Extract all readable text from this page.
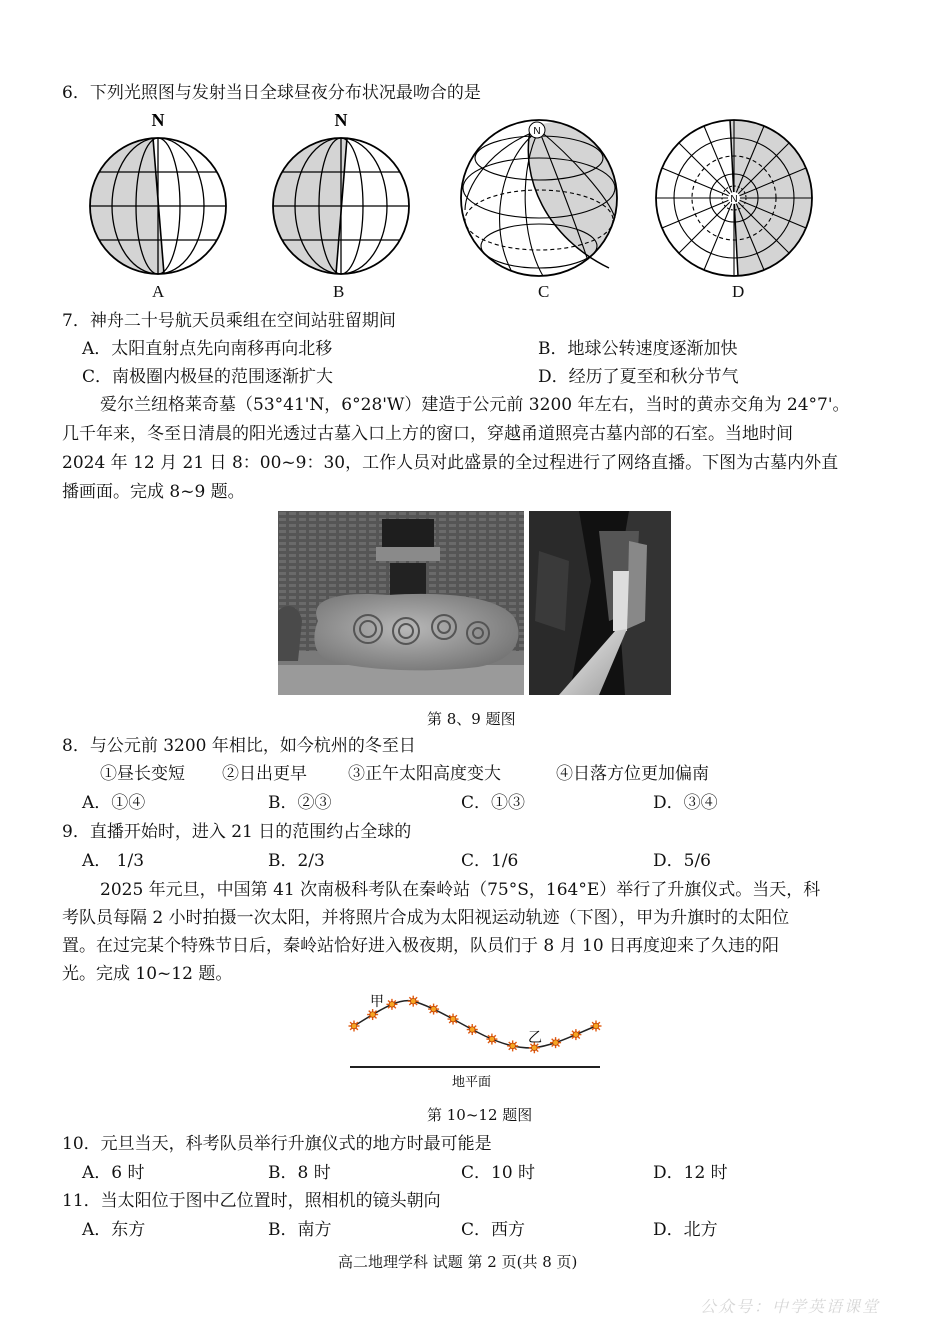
6．下列光照图与发射当日全球昼夜分布状况最吻合的是
N	N
N
N
A	B	C	D
7．神舟二十号航天员乘组在空间站驻留期间
A．太阳直射点先向南移再向北移	B．地球公转速度逐渐加快
C．南极圈内极昼的范围逐渐扩大	D．经历了夏至和秋分节气
爱尔兰纽格莱奇墓（53°41'N，6°28'W）建造于公元前 3200 年左右，当时的黄赤交角为 24°7'。
几千年来，冬至日清晨的阳光透过古墓入口上方的窗口，穿越甬道照亮古墓内部的石室。当地时间
2024 年 12 月 21 日 8：00~9：30，工作人员对此盛景的全过程进行了网络直播。下图为古墓内外直
播画面。完成 8~9 题。
第 8、9 题图
8．与公元前 3200 年相比，如今杭州的冬至日
①昼长变短 ②日出更早 ③正午太阳高度变大	④日落方位更加偏南
A．①④	B．②③	C．①③	D．③④
9．直播开始时，进入 21 日的范围约占全球的
A． 1/3	B．2/3	C．1/6	D．5/6
2025 年元旦，中国第 41 次南极科考队在秦岭站（75°S，164°E）举行了升旗仪式。当天，科
考队员每隔 2 小时拍摄一次太阳，并将照片合成为太阳视运动轨迹（下图），甲为升旗时的太阳位
置。在过完某个特殊节日后，秦岭站恰好进入极夜期，队员们于 8 月 10 日再度迎来了久违的阳
光。完成 10~12 题。
甲
乙
地平面
第 10~12 题图
10．元旦当天，科考队员举行升旗仪式的地方时最可能是
A．6 时	B．8 时	C．10 时	D．12 时
11．当太阳位于图中乙位置时，照相机的镜头朝向
A．东方	B．南方	C．西方	D．北方
高二地理学科 试题 第 2 页(共 8 页)
公众号：中学英语课堂
